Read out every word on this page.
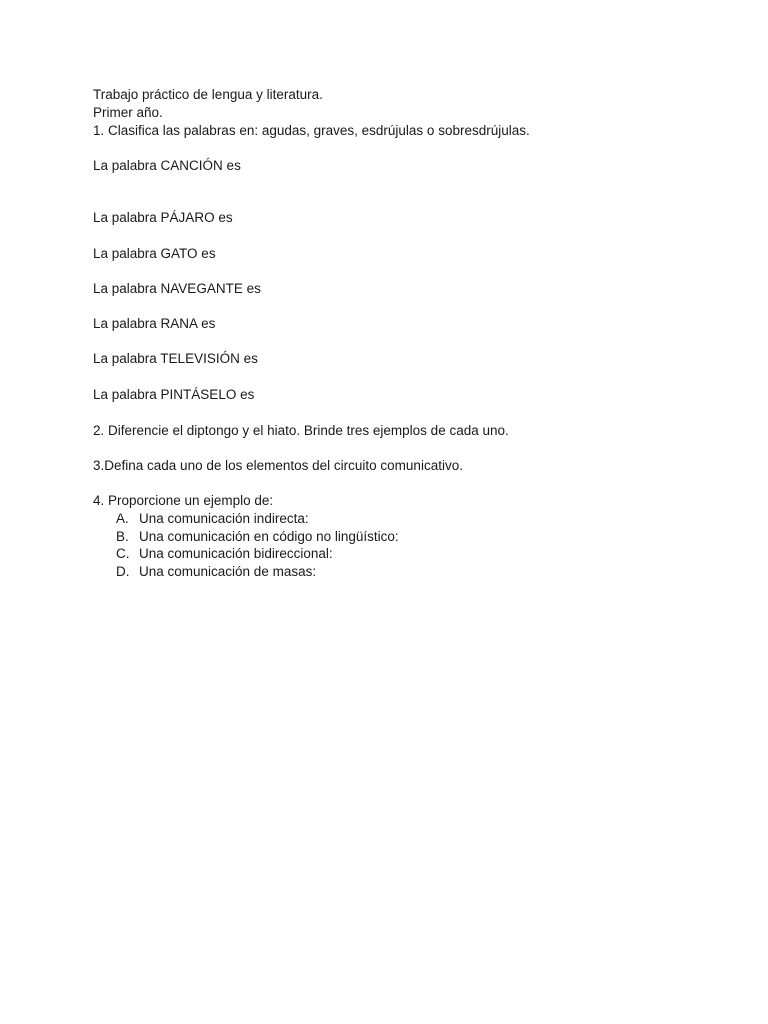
Trabajo práctico de lengua y literatura.
Primer año.
1. Clasifica las palabras en: agudas, graves, esdrújulas o sobresdrújulas.
La palabra CANCIÓN es
La palabra PÁJARO es
La palabra GATO es
La palabra NAVEGANTE es
La palabra RANA es
La palabra TELEVISIÓN es
La palabra PINTÁSELO es
2. Diferencie el diptongo y el hiato. Brinde tres ejemplos de cada uno.
3.Defina cada uno de los elementos del circuito comunicativo.
4. Proporcione un ejemplo de:
A. Una comunicación indirecta:
B. Una comunicación en código no lingüístico:
C. Una comunicación bidireccional:
D. Una comunicación de masas:
